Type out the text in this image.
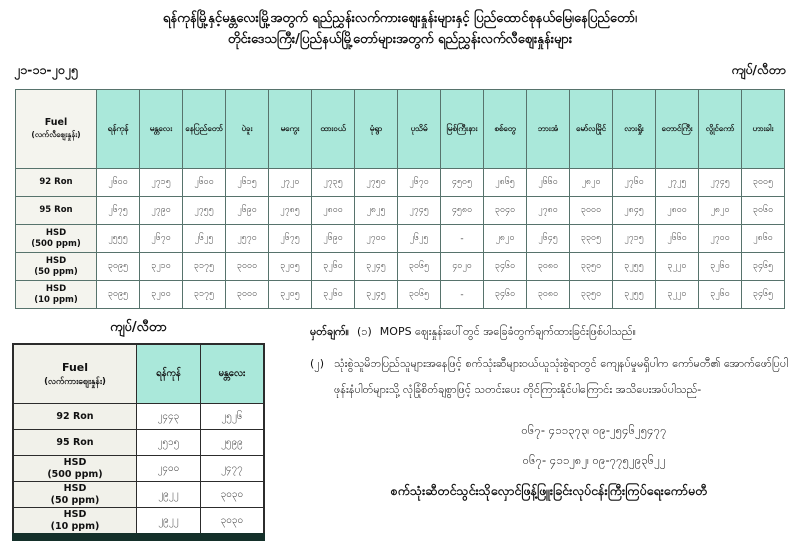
ရန်ကုန်မြို့နှင့်မန္တလေးမြို့အတွက် ရည်ညွှန်းလက်ကားဈေးနှုန်းများနှင့် ပြည်ထောင်စုနယ်မြေ၊နေပြည်တော်၊
တိုင်းဒေသကြီး/ပြည်နယ်မြို့တော်များအတွက် ရည်ညွှန်းလက်လီဈေးနှုန်းများ
၂၁-၁၁-၂၀၂၅	ကျပ်/လီတာ
Fuel
(လက်လီဈေးနှုန်း)	ရန်ကုန်	မန္တလေး	နေပြည်တော်	ပဲခူး	မကွေး	ထားဝယ်	မုံရွာ	ပုသိမ်	မြစ်ကြီးနား	စစ်တွေ	ဘားအံ	မော်လမြိုင်	လားရှိုး	တောင်ကြီး	လွိုင်ကော်	ဟားခါး

92 Ron	၂၆၀၀	၂၇၁၅	၂၆၀၀	၂၆၁၅	၂၇၂၀	၂၇၃၅	၂၇၅၀	၂၆၇၀	၄၅၀၅	၂၈၆၅	၂၆၆၀	၂၈၂၀	၂၇၆၀	၂၇၂၅	၂၇၄၅	၃၀၀၅

95 Ron	၂၆၇၅	၂၇၉၀	၂၇၅၅	၂၆၉၀	၂၇၈၅	၂၈၀၀	၂၈၂၅	၂၇၄၅	၄၅၈၀	၃၀၄၀	၂၇၈၀	၃၀၀၀	၂၈၄၅	၂၈၀၀	၂၈၂၀	၃၀၆၀

HSD
(500 ppm)	၂၅၅၅	၂၆၇၀	၂၆၂၅	၂၅၇၀	၂၆၇၅	၂၆၉၀	၂၇၀၀	၂၆၂၅	-	၂၈၂၀	၂၆၄၅	၃၃၀၅	၂၇၁၅	၂၆၆၀	၂၇၀၀	၂၈၆၀

HSD
(50 ppm)	၃၀၉၅	၃၂၁၀	၃၁၇၅	၃၀၀၀	၃၂၀၅	၃၂၆၀	၃၂၄၅	၃၀၆၅	၄၀၂၀	၃၄၆၀	၃၀၈၀	၃၃၅၀	၃၂၅၅	၃၂၂၀	၃၂၆၀	၃၄၆၅

HSD
(10 ppm)	၃၀၉၅	၃၂၀၀	၃၁၇၅	၃၀၀၀	၃၂၀၅	၃၂၆၀	၃၂၄၅	၃၀၆၅	-	၃၄၆၀	၃၀၈၀	၃၃၅၀	၃၂၅၅	၃၂၂၀	၃၂၆၀	၃၄၆၅
ကျပ်/လီတာ
Fuel
(လက်ကားဈေးနှုန်း)	ရန်ကုန်	မန္တလေး

92 Ron	၂၄၄၃	၂၅၂၆

95 Ron	၂၅၁၅	၂၅၉၉

HSD
(500 ppm)	၂၄၀၀	၂၄၇၇

HSD
(50 ppm)	၂၉၂၂	၃၀၃၀

HSD
(10 ppm)	၂၉၂၂	၃၀၃၀
မှတ်ချက်။ (၁) MOPS ဈေးနှုန်းပေါ်တွင် အခြေခံတွက်ချက်ထားခြင်းဖြစ်ပါသည်။
(၂) သုံးစွဲသူမိဘပြည်သူများအနေဖြင့် စက်သုံးဆီများဝယ်ယူသုံးစွဲရာတွင် ကျေနပ်မှုမရှိပါက ကော်မတီ၏ အောက်ဖော်ပြပါဖုန်းနံပါတ်များသို့ လုံခြုံစိတ်ချစွာဖြင့် သတင်းပေး တိုင်ကြားနိုင်ပါကြောင်း အသိပေးအပ်ပါသည်-
၀၆၇- ၄၁၁၃၇၃၊ ၀၉-၂၅၄၆၂၅၄၇၇
၀၆၇- ၄၁၁၂၈၂၊ ၀၉-၇၇၅၂၉၃၆၂၂
စက်သုံးဆီတင်သွင်းသိုလှောင်ဖြန့်ဖြူးခြင်းလုပ်ငန်းကြီးကြပ်ရေးကော်မတီ
